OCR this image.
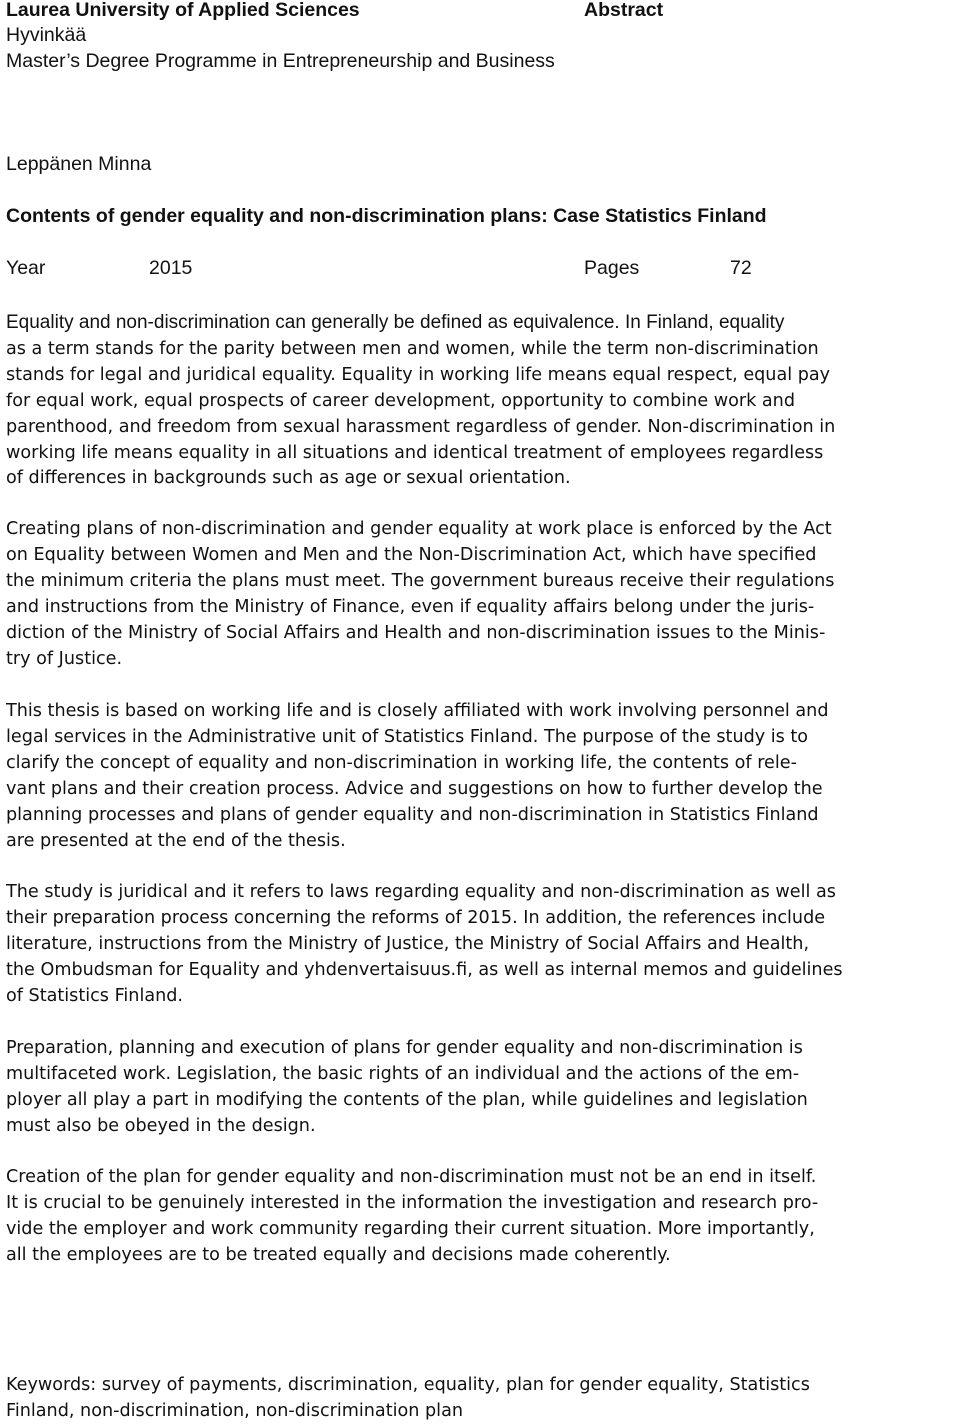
Laurea University of Applied Sciences	Abstract
Hyvinkää
Master’s Degree Programme in Entrepreneurship and Business
Leppänen Minna
Contents of gender equality and non-discrimination plans: Case Statistics Finland
Year	2015	Pages	72
Equality and non-discrimination can generally be defined as equivalence. In Finland, equality
as a term stands for the parity between men and women, while the term non-discrimination
stands for legal and juridical equality. Equality in working life means equal respect, equal pay
for equal work, equal prospects of career development, opportunity to combine work and
parenthood, and freedom from sexual harassment regardless of gender. Non-discrimination in
working life means equality in all situations and identical treatment of employees regardless
of differences in backgrounds such as age or sexual orientation.

Creating plans of non-discrimination and gender equality at work place is enforced by the Act
on Equality between Women and Men and the Non-Discrimination Act, which have specified
the minimum criteria the plans must meet. The government bureaus receive their regulations
and instructions from the Ministry of Finance, even if equality affairs belong under the juris-
diction of the Ministry of Social Affairs and Health and non-discrimination issues to the Minis-
try of Justice.

This thesis is based on working life and is closely affiliated with work involving personnel and
legal services in the Administrative unit of Statistics Finland. The purpose of the study is to
clarify the concept of equality and non-discrimination in working life, the contents of rele-
vant plans and their creation process. Advice and suggestions on how to further develop the
planning processes and plans of gender equality and non-discrimination in Statistics Finland
are presented at the end of the thesis.

The study is juridical and it refers to laws regarding equality and non-discrimination as well as
their preparation process concerning the reforms of 2015. In addition, the references include
literature, instructions from the Ministry of Justice, the Ministry of Social Affairs and Health,
the Ombudsman for Equality and yhdenvertaisuus.fi, as well as internal memos and guidelines
of Statistics Finland.

Preparation, planning and execution of plans for gender equality and non-discrimination is
multifaceted work. Legislation, the basic rights of an individual and the actions of the em-
ployer all play a part in modifying the contents of the plan, while guidelines and legislation
must also be obeyed in the design.

Creation of the plan for gender equality and non-discrimination must not be an end in itself.
It is crucial to be genuinely interested in the information the investigation and research pro-
vide the employer and work community regarding their current situation. More importantly,
all the employees are to be treated equally and decisions made coherently.

Keywords: survey of payments, discrimination, equality, plan for gender equality, Statistics
Finland, non-discrimination, non-discrimination plan
